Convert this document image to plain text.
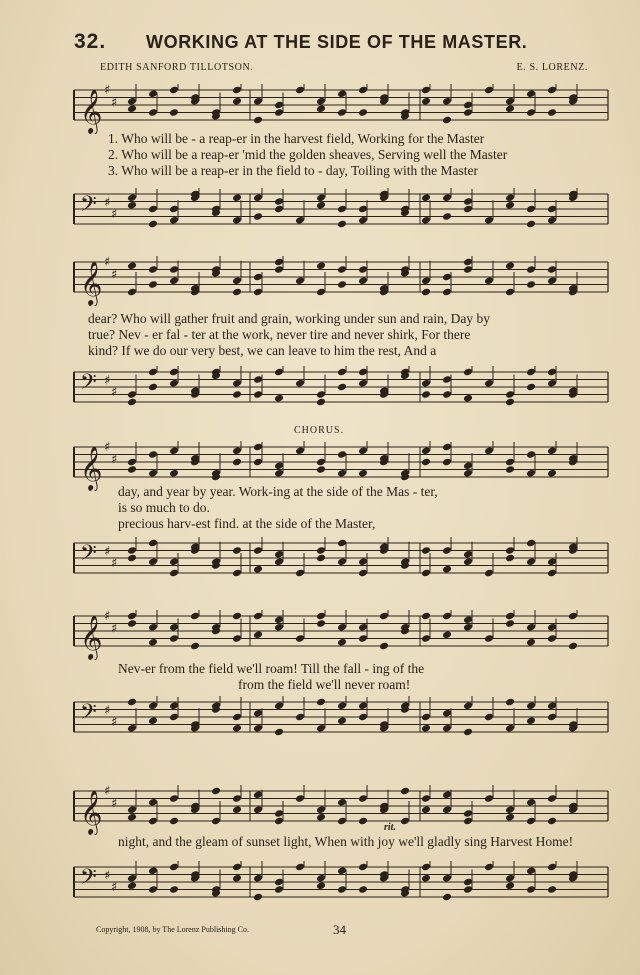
32. WORKING AT THE SIDE OF THE MASTER.
EDITH SANFORD TILLOTSON.	E. S. LORENZ.
𝄞 ♯
♯
𝄢 ♯
♯
1. Who will be - a reap-er in the harvest field, Working for the Master
2. Who will be a reap-er 'mid the golden sheaves, Serving well the Master
3. Who will be a reap-er in the field to - day, Toiling with the Master
𝄞 ♯
♯
𝄢 ♯
♯
dear? Who will gather fruit and grain, working under sun and rain, Day by
true? Nev - er fal - ter at the work, never tire and never shirk, For there
kind? If we do our very best, we can leave to him the rest, And a
CHORUS.
𝄞 ♯
♯
𝄢 ♯
♯
day, and year by year. Work-ing at the side of the Mas - ter,
is so much to do.
precious harv-est find. at the side of the Master,
𝄞 ♯
♯
𝄢 ♯
♯
Nev-er from the field we'll roam! Till the fall - ing of the
from the field we'll never roam!
𝄞 ♯
♯
rit.
𝄢 ♯
♯
night, and the gleam of sunset light, When with joy we'll gladly sing Harvest Home!
Copyright, 1908, by The Lorenz Publishing Co.	34
